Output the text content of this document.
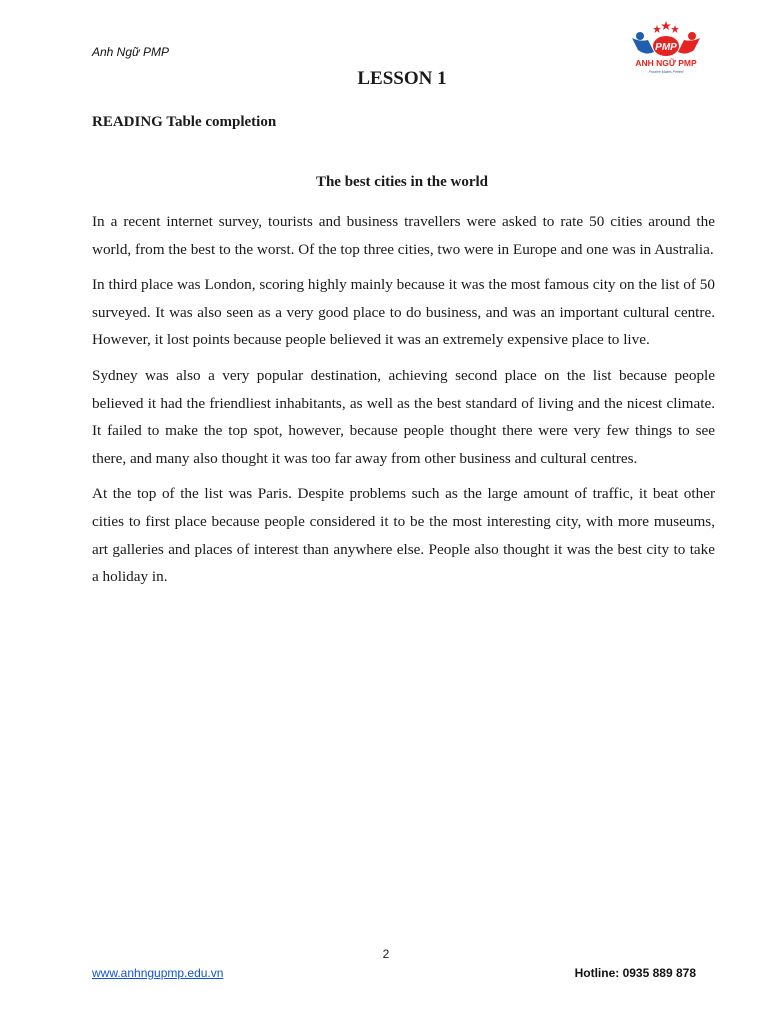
Anh Ngữ PMP	PMP
ANH NGỮ PMP
Practice Makes Perfect
LESSON 1
READING Table completion
The best cities in the world

In a recent internet survey, tourists and business travellers were asked to rate 50 cities around the world, from the best to the worst. Of the top three cities, two were in Europe and one was in Australia.

In third place was London, scoring highly mainly because it was the most famous city on the list of 50 surveyed. It was also seen as a very good place to do business, and was an important cultural centre. However, it lost points because people believed it was an extremely expensive place to live.

Sydney was also a very popular destination, achieving second place on the list because people believed it had the friendliest inhabitants, as well as the best standard of living and the nicest climate. It failed to make the top spot, however, because people thought there were very few things to see there, and many also thought it was too far away from other business and cultural centres.

At the top of the list was Paris. Despite problems such as the large amount of traffic, it beat other cities to first place because people considered it to be the most interesting city, with more museums, art galleries and places of interest than anywhere else. People also thought it was the best city to take a holiday in.

2
www.anhngupmp.edu.vn	Hotline: 0935 889 878
